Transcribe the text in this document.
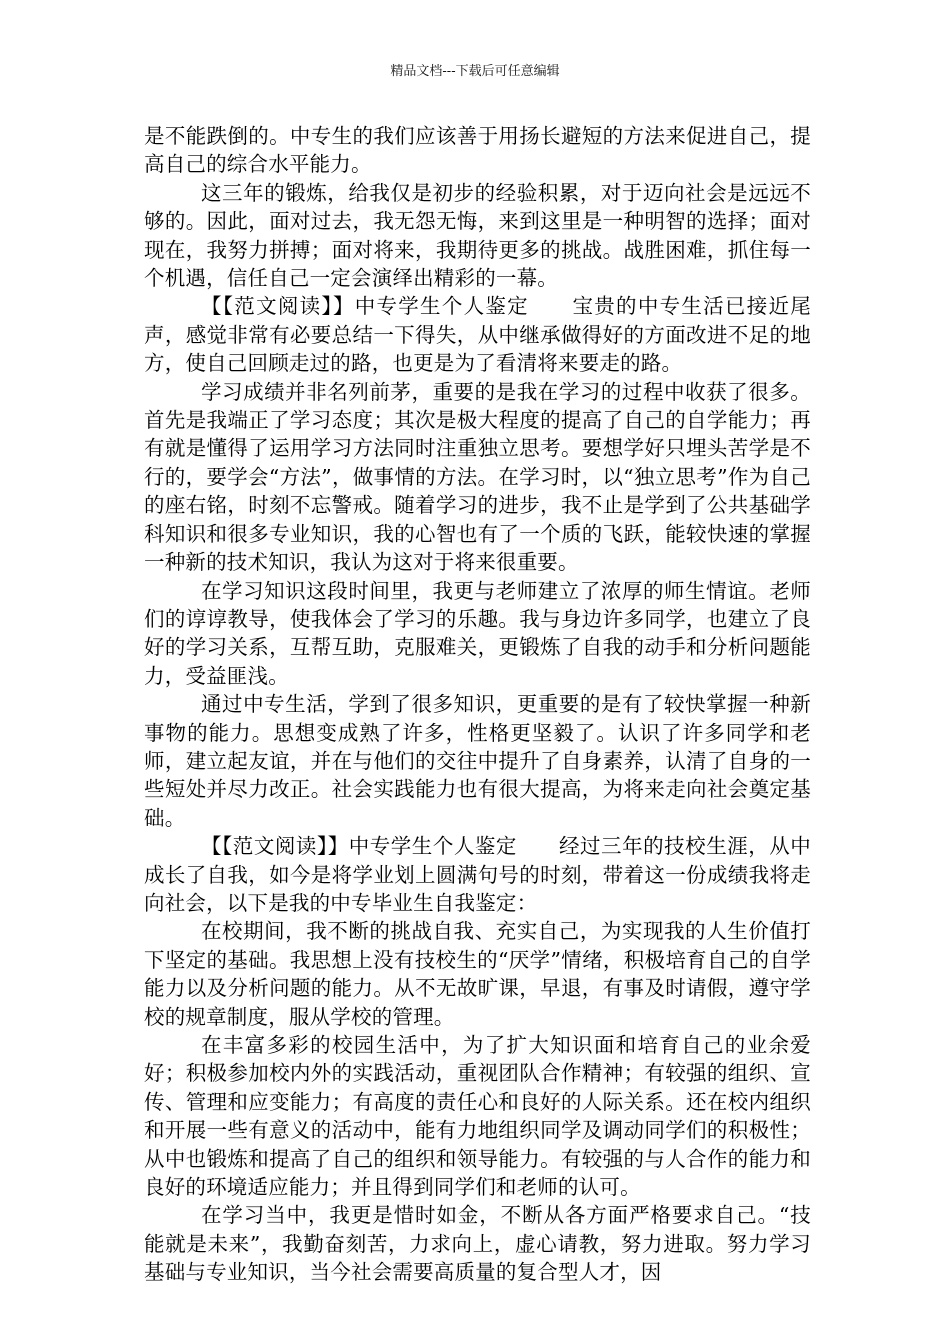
精品文档---下载后可任意编辑

是不能跌倒的。中专生的我们应该善于用扬长避短的方法来促进自己，提高自己的综合水平能力。

这三年的锻炼，给我仅是初步的经验积累，对于迈向社会是远远不够的。因此，面对过去，我无怨无悔，来到这里是一种明智的选择；面对现在，我努力拼搏；面对将来，我期待更多的挑战。战胜困难，抓住每一个机遇，信任自己一定会演绎出精彩的一幕。

【【范文阅读】】中专学生个人鉴定　　宝贵的中专生活已接近尾声，感觉非常有必要总结一下得失，从中继承做得好的方面改进不足的地方，使自己回顾走过的路，也更是为了看清将来要走的路。

学习成绩并非名列前茅，重要的是我在学习的过程中收获了很多。首先是我端正了学习态度；其次是极大程度的提高了自己的自学能力；再有就是懂得了运用学习方法同时注重独立思考。要想学好只埋头苦学是不行的，要学会“方法”，做事情的方法。在学习时，以“独立思考”作为自己的座右铭，时刻不忘警戒。随着学习的进步，我不止是学到了公共基础学科知识和很多专业知识，我的心智也有了一个质的飞跃，能较快速的掌握一种新的技术知识，我认为这对于将来很重要。

在学习知识这段时间里，我更与老师建立了浓厚的师生情谊。老师们的谆谆教导，使我体会了学习的乐趣。我与身边许多同学，也建立了良好的学习关系，互帮互助，克服难关，更锻炼了自我的动手和分析问题能力，受益匪浅。

通过中专生活，学到了很多知识，更重要的是有了较快掌握一种新事物的能力。思想变成熟了许多，性格更坚毅了。认识了许多同学和老师，建立起友谊，并在与他们的交往中提升了自身素养，认清了自身的一些短处并尽力改正。社会实践能力也有很大提高，为将来走向社会奠定基础。

【【范文阅读】】中专学生个人鉴定　　经过三年的技校生涯，从中成长了自我，如今是将学业划上圆满句号的时刻，带着这一份成绩我将走向社会，以下是我的中专毕业生自我鉴定：

在校期间，我不断的挑战自我、充实自己，为实现我的人生价值打下坚定的基础。我思想上没有技校生的“厌学”情绪，积极培育自己的自学能力以及分析问题的能力。从不无故旷课，早退，有事及时请假，遵守学校的规章制度，服从学校的管理。

在丰富多彩的校园生活中，为了扩大知识面和培育自己的业余爱好；积极参加校内外的实践活动，重视团队合作精神；有较强的组织、宣传、管理和应变能力；有高度的责任心和良好的人际关系。还在校内组织和开展一些有意义的活动中，能有力地组织同学及调动同学们的积极性；从中也锻炼和提高了自己的组织和领导能力。有较强的与人合作的能力和良好的环境适应能力；并且得到同学们和老师的认可。

在学习当中，我更是惜时如金，不断从各方面严格要求自己。“技能就是未来”，我勤奋刻苦，力求向上，虚心请教，努力进取。努力学习基础与专业知识，当今社会需要高质量的复合型人才，因
